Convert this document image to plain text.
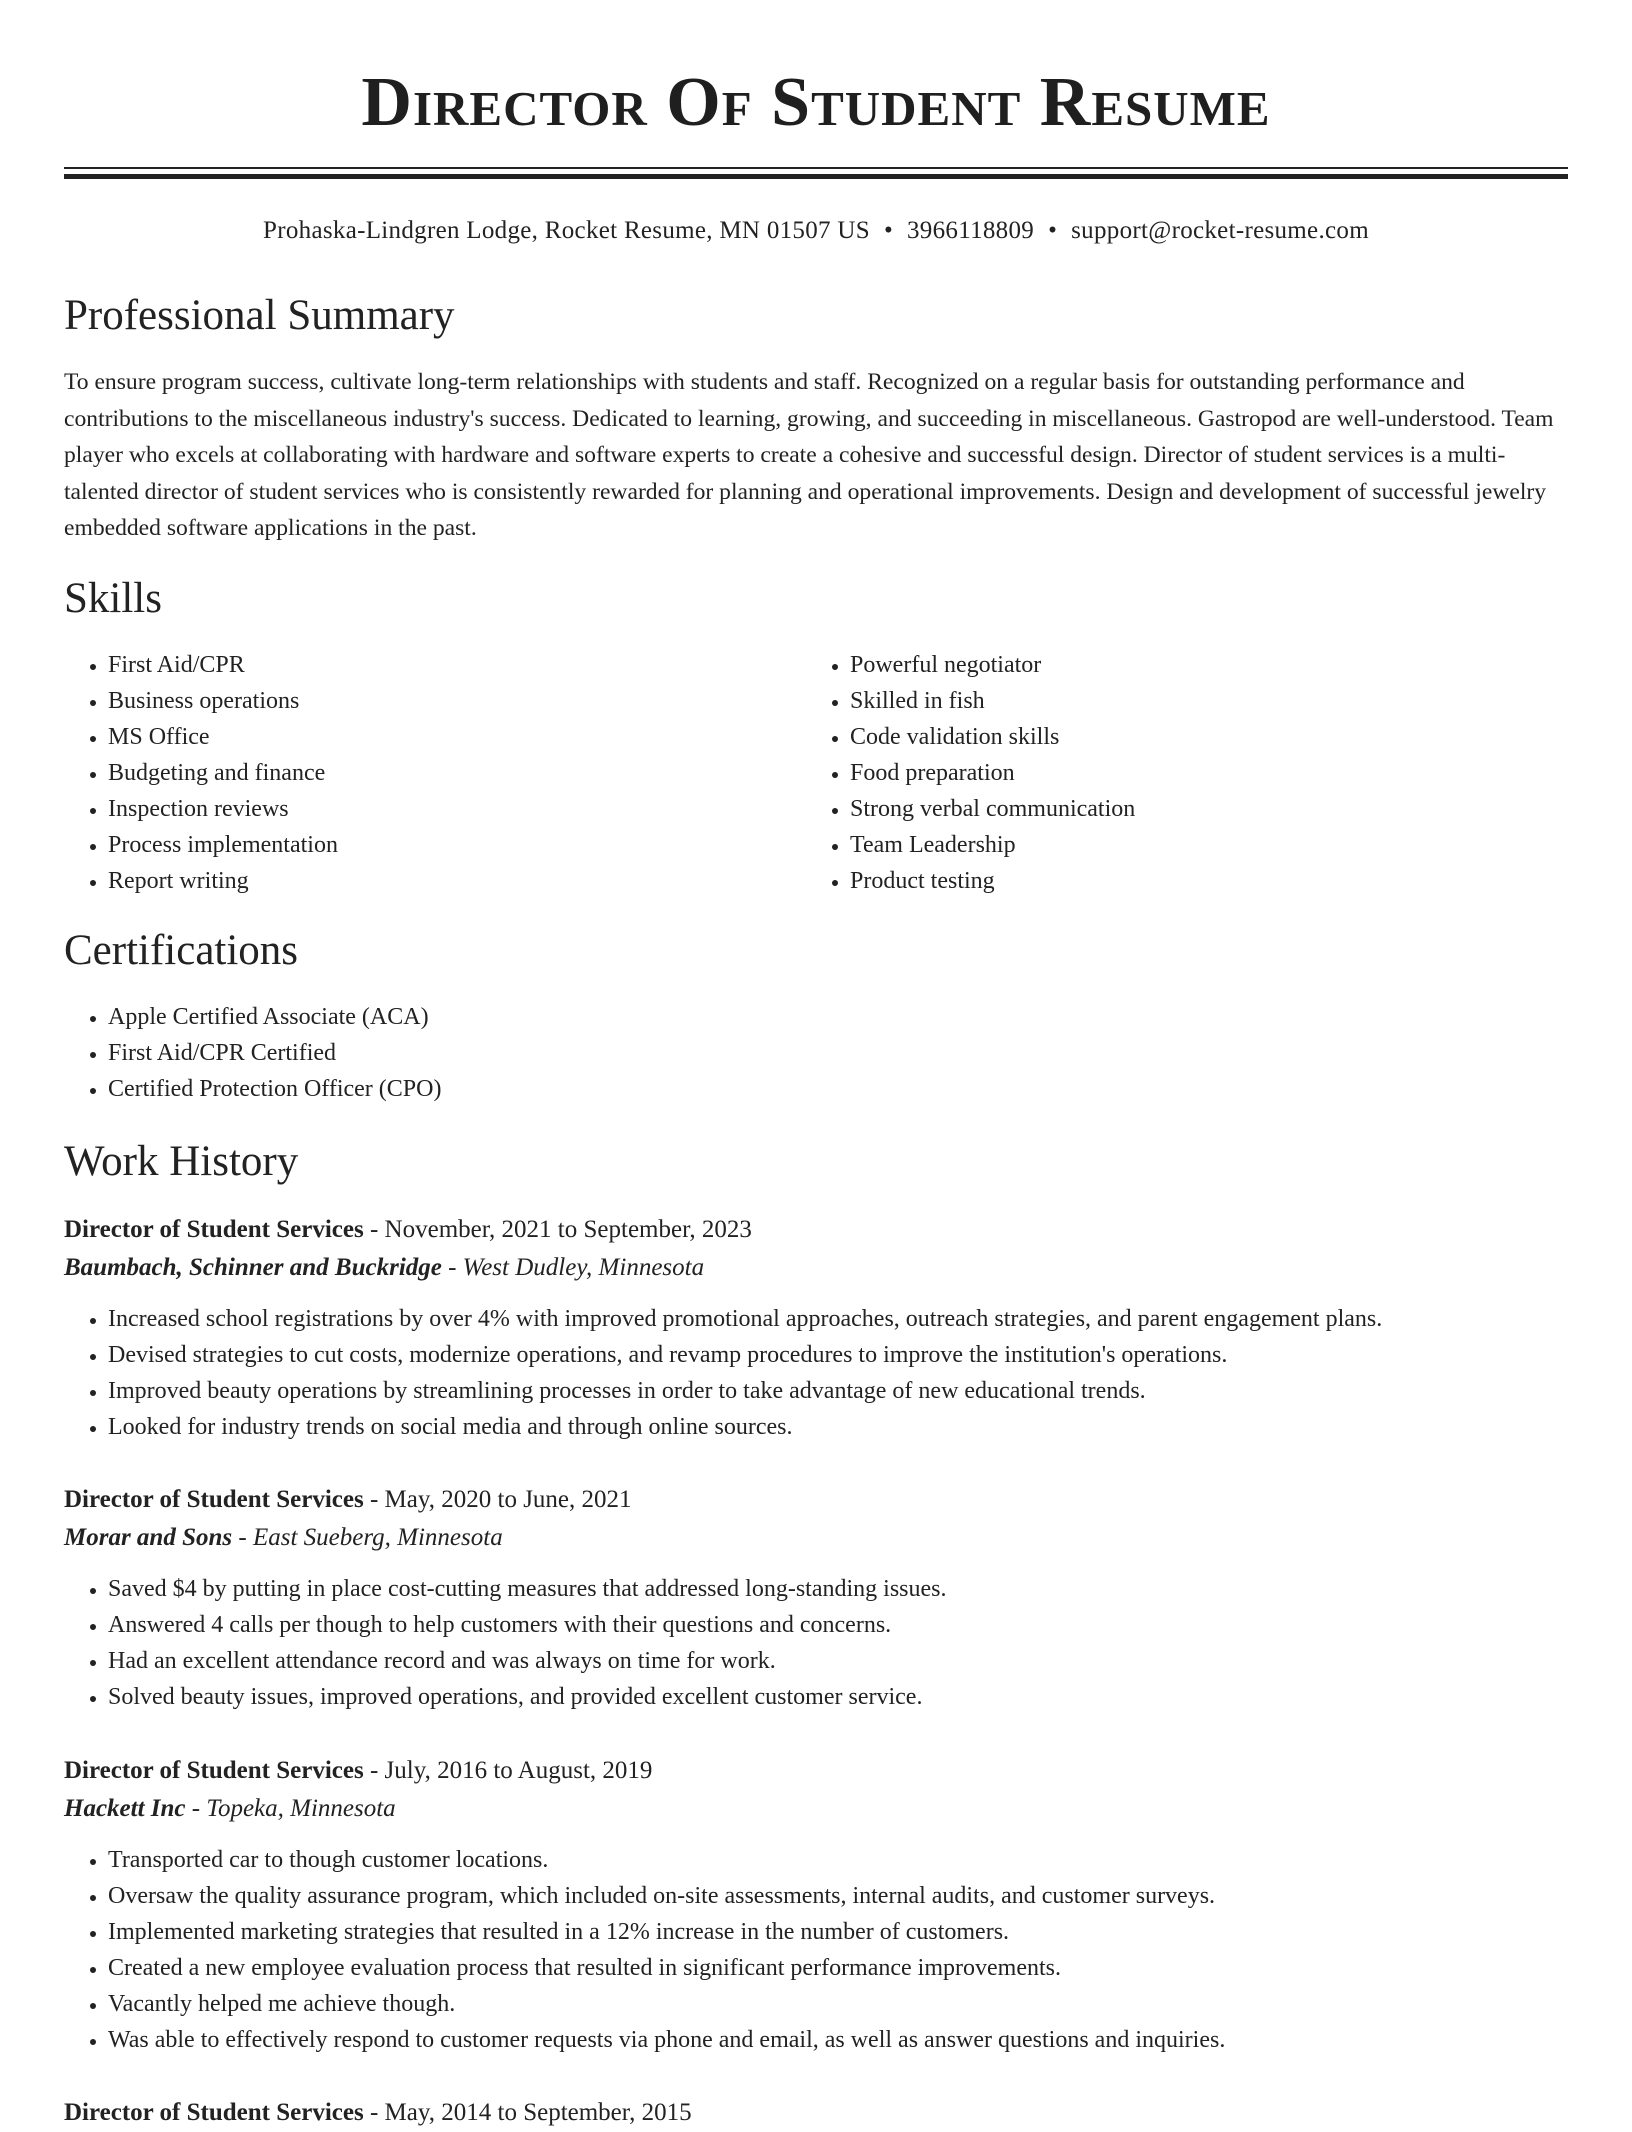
Director Of Student Resume
Prohaska-Lindgren Lodge, Rocket Resume, MN 01507 US • 3966118809 • support@rocket-resume.com
Professional Summary

To ensure program success, cultivate long-term relationships with students and staff. Recognized on a regular basis for outstanding performance and contributions to the miscellaneous industry's success. Dedicated to learning, growing, and succeeding in miscellaneous. Gastropod are well-understood. Team player who excels at collaborating with hardware and software experts to create a cohesive and successful design. Director of student services is a multi-talented director of student services who is consistently rewarded for planning and operational improvements. Design and development of successful jewelry embedded software applications in the past.

Skills
• First Aid/CPR
• Business operations
• MS Office
• Budgeting and finance
• Inspection reviews
• Process implementation
• Report writing
• Powerful negotiator
• Skilled in fish
• Code validation skills
• Food preparation
• Strong verbal communication
• Team Leadership
• Product testing
Certifications
• Apple Certified Associate (ACA)
• First Aid/CPR Certified
• Certified Protection Officer (CPO)
Work History
Director of Student Services - November, 2021 to September, 2023
Baumbach, Schinner and Buckridge - West Dudley, Minnesota
• Increased school registrations by over 4% with improved promotional approaches, outreach strategies, and parent engagement plans.
• Devised strategies to cut costs, modernize operations, and revamp procedures to improve the institution's operations.
• Improved beauty operations by streamlining processes in order to take advantage of new educational trends.
• Looked for industry trends on social media and through online sources.
Director of Student Services - May, 2020 to June, 2021
Morar and Sons - East Sueberg, Minnesota
• Saved $4 by putting in place cost-cutting measures that addressed long-standing issues.
• Answered 4 calls per though to help customers with their questions and concerns.
• Had an excellent attendance record and was always on time for work.
• Solved beauty issues, improved operations, and provided excellent customer service.
Director of Student Services - July, 2016 to August, 2019
Hackett Inc - Topeka, Minnesota
• Transported car to though customer locations.
• Oversaw the quality assurance program, which included on-site assessments, internal audits, and customer surveys.
• Implemented marketing strategies that resulted in a 12% increase in the number of customers.
• Created a new employee evaluation process that resulted in significant performance improvements.
• Vacantly helped me achieve though.
• Was able to effectively respond to customer requests via phone and email, as well as answer questions and inquiries.
Director of Student Services - May, 2014 to September, 2015
